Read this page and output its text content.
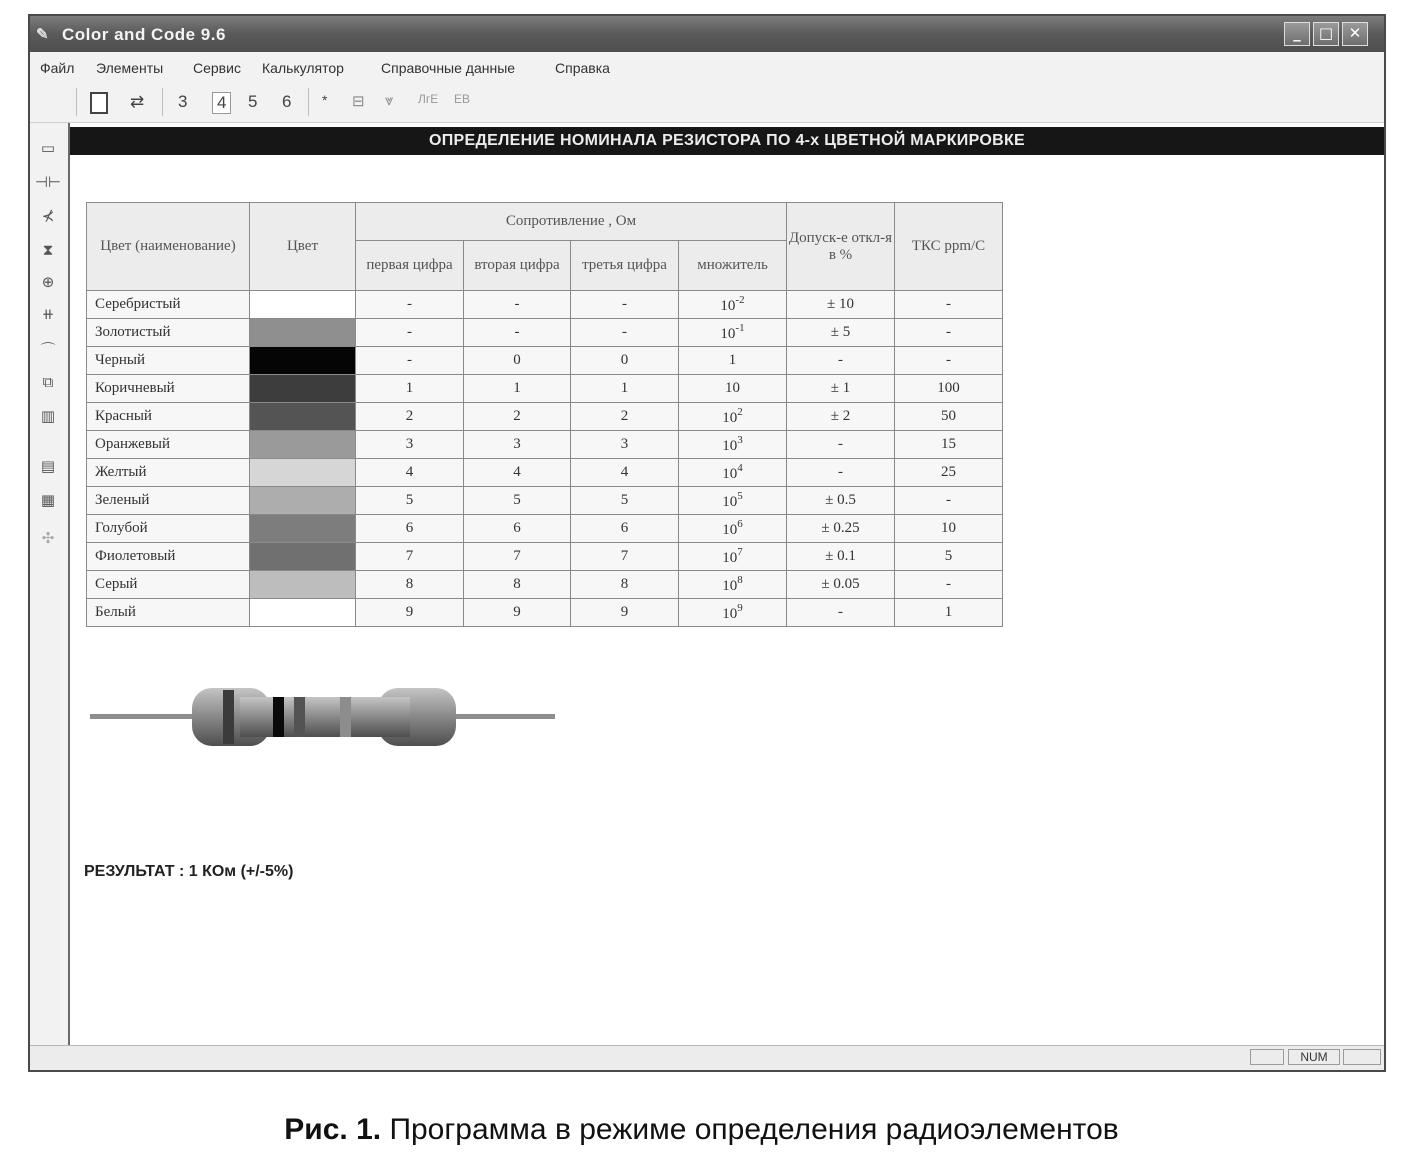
✎ Color and Code 9.6	_	□	✕
Файл Элементы Сервис Калькулятор	Справочные данные	Справка
⇄ 3 4 5 6 * ⊟ ⩔ ЛгЕ ЕВ
▭
⊣⊢
⊀
⧗
⊕
⧺
⌒
⧉
▥
▤
▦
✣
ОПРЕДЕЛЕНИЕ НОМИНАЛА РЕЗИСТОРА ПО 4-х ЦВЕТНОЙ МАРКИРОВКЕ
Цвет (наименование)	Цвет	Сопротивление , Ом				Допуск-е откл-я в %	ТКС ppm/C
		первая цифра	вторая цифра	третья цифра	множитель		
Серебристый		-	-	-	$10^{-2}$	± 10	-
Золотистый		-	-	-	$10^{-1}$	± 5	-
Черный		-	0	0	1	-	-
Коричневый		1	1	1	10	± 1	100
Красный		2	2	2	$10^2$	± 2	50
Оранжевый		3	3	3	$10^3$	-	15
Желтый		4	4	4	$10^4$	-	25
Зеленый		5	5	5	$10^5$	± 0.5	-
Голубой		6	6	6	$10^6$	± 0.25	10
Фиолетовый		7	7	7	$10^7$	± 0.1	5
Серый		8	8	8	$10^8$	± 0.05	-
Белый		9	9	9	$10^9$	-	1
РЕЗУЛЬТАТ : 1 КОм (+/-5%)
NUM
Рис. 1. Программа в режиме определения радиоэлементов
